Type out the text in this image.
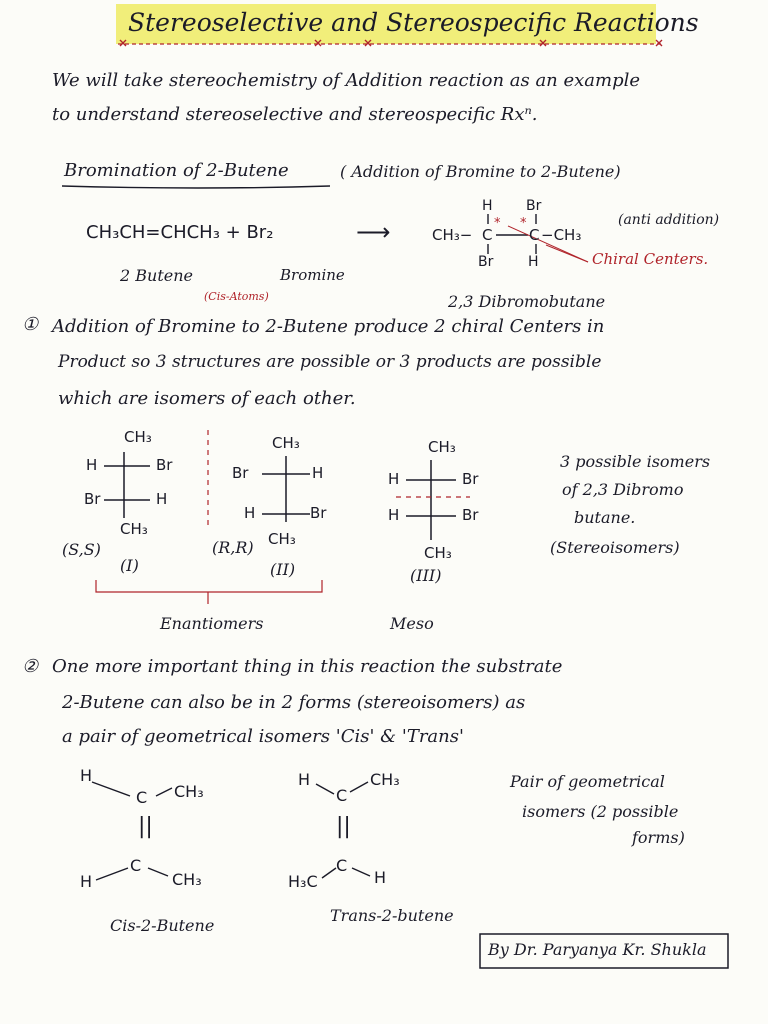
Stereoselective and Stereospecific Reactions
We will take stereochemistry of Addition reaction as an example
to understand stereoselective and stereospecific Rxⁿ.
Bromination of 2-Butene	( Addition of Bromine to 2-Butene)
CH₃CH=CHCH₃ + Br₂	⟶	CH₃− C C −CH₃
H Br
Br H
* *	(anti addition)
Chiral Centers.
2 Butene
(Cis-Atoms)
Bromine
2,3 Dibromobutane
① Addition of Bromine to 2-Butene produce 2 chiral Centers in
Product so 3 structures are possible or 3 products are possible
which are isomers of each other.
CH₃
H	Br
Br	H
CH₃
(S,S)
(I)
CH₃
Br	H
H	Br
CH₃
(R,R)
(II)
CH₃
H	Br
H	Br
CH₃
(III)
3 possible isomers
of 2,3 Dibromo
butane.
(Stereoisomers)
Enantiomers	Meso
② One more important thing in this reaction the substrate
2-Butene can also be in 2 forms (stereoisomers) as
a pair of geometrical isomers 'Cis' & 'Trans'
H
C CH₃
||
H
C
CH₃
Cis-2-Butene
H
C
CH₃
||
H₃C
C
H
Trans-2-butene
Pair of geometrical
isomers (2 possible
forms)
By Dr. Paryanya Kr. Shukla
